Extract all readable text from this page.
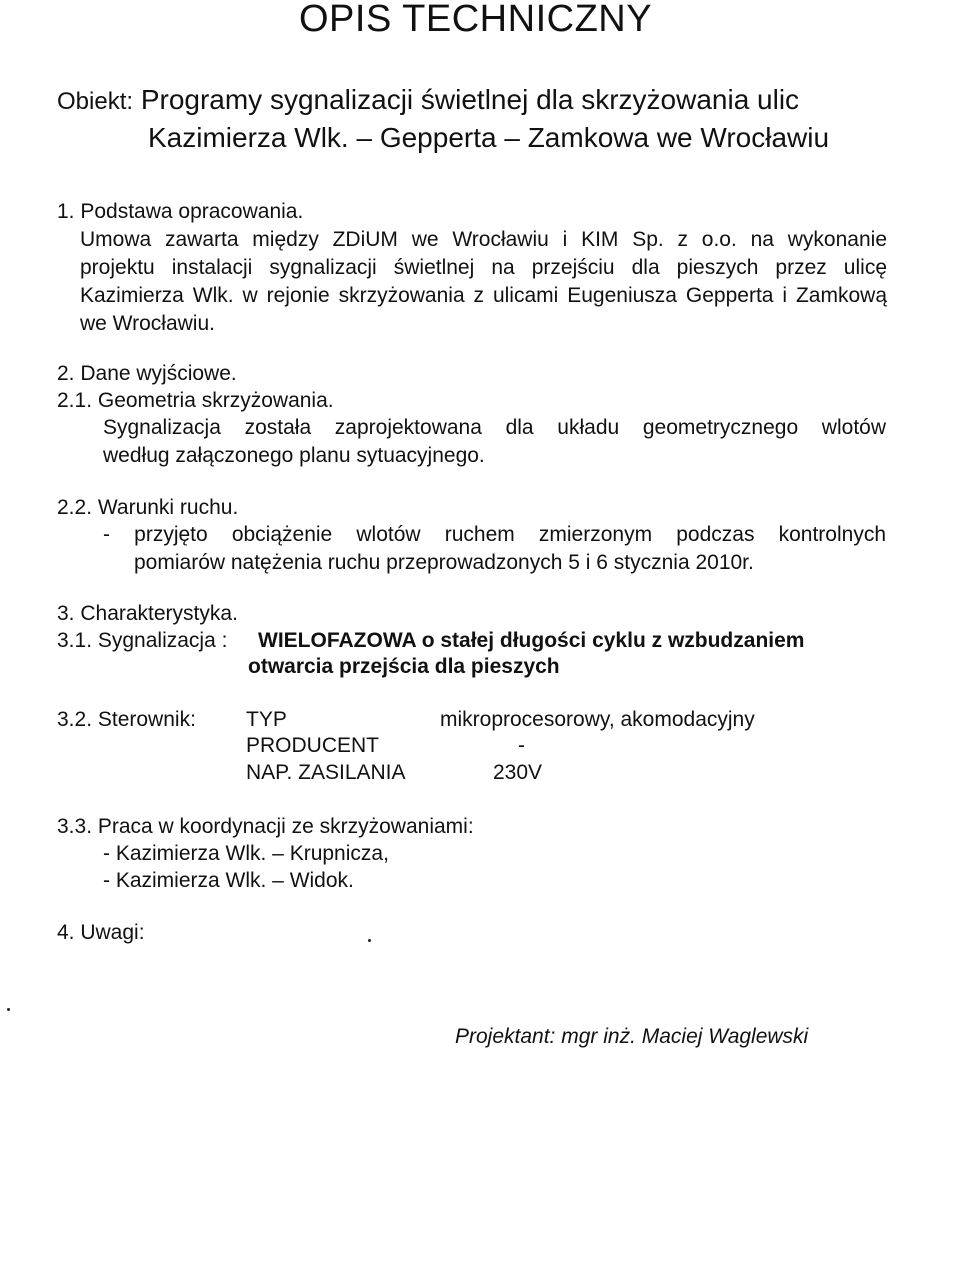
OPIS TECHNICZNY
Obiekt: Programy sygnalizacji świetlnej dla skrzyżowania ulic
Kazimierza Wlk. – Gepperta – Zamkowa we Wrocławiu
1. Podstawa opracowania.
Umowa zawarta między ZDiUM we Wrocławiu i KIM Sp. z o.o. na wykonanie
projektu instalacji sygnalizacji świetlnej na przejściu dla pieszych przez ulicę
Kazimierza Wlk. w rejonie skrzyżowania z ulicami Eugeniusza Gepperta i Zamkową
we Wrocławiu.
2. Dane wyjściowe.
2.1. Geometria skrzyżowania.
Sygnalizacja została zaprojektowana dla układu geometrycznego wlotów
według załączonego planu sytuacyjnego.
2.2. Warunki ruchu.
- przyjęto obciążenie wlotów ruchem zmierzonym podczas kontrolnych
pomiarów natężenia ruchu przeprowadzonych 5 i 6 stycznia 2010r.
3. Charakterystyka.
3.1. Sygnalizacja : WIELOFAZOWA o stałej długości cyklu z wzbudzaniem
otwarcia przejścia dla pieszych
3.2. Sterownik: TYP	mikroprocesorowy, akomodacyjny
PRODUCENT	-
NAP. ZASILANIA	230V
3.3. Praca w koordynacji ze skrzyżowaniami:
- Kazimierza Wlk. – Krupnicza,
- Kazimierza Wlk. – Widok.
4. Uwagi:
Projektant: mgr inż. Maciej Waglewski
